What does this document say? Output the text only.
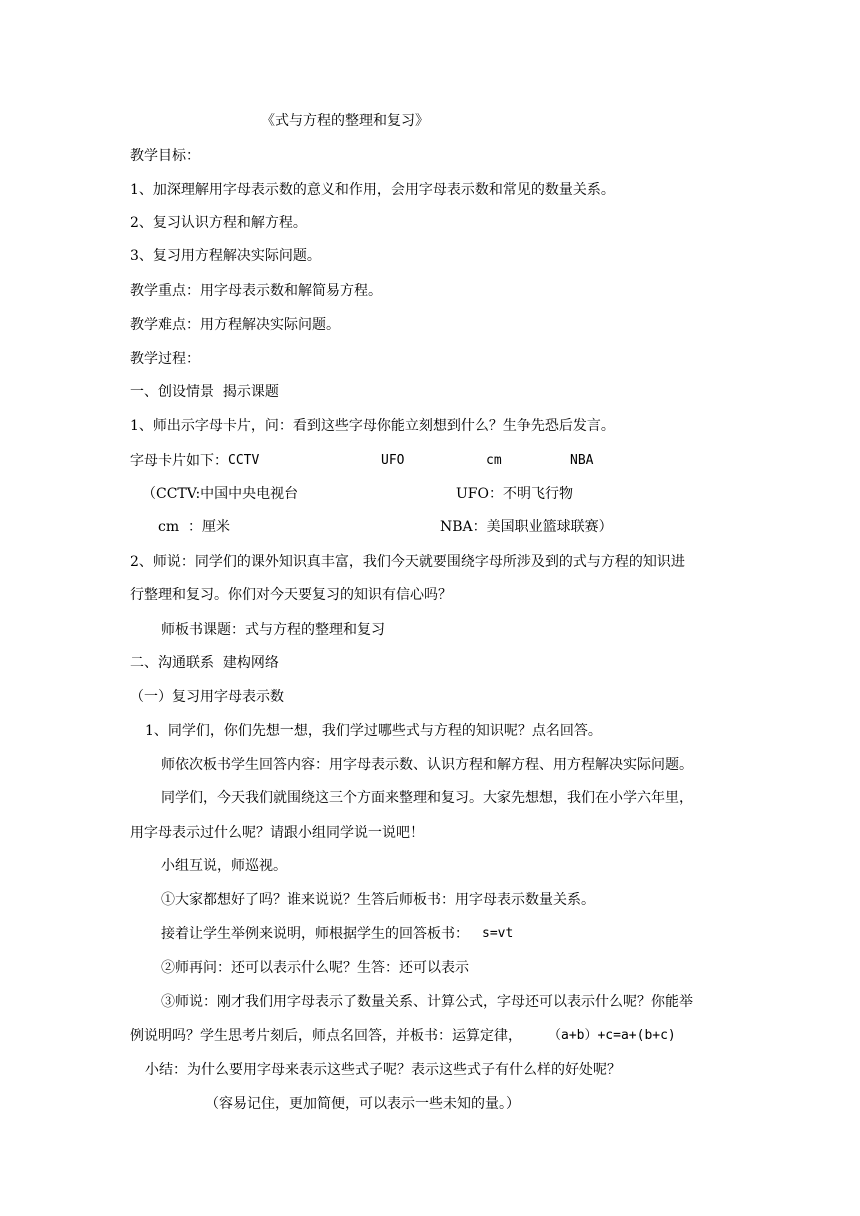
《式与方程的整理和复习》
教学目标：
1、加深理解用字母表示数的意义和作用，会用字母表示数和常见的数量关系。
2、复习认识方程和解方程。
3、复习用方程解决实际问题。
教学重点：用字母表示数和解简易方程。
教学难点：用方程解决实际问题。
教学过程：
一、创设情景  揭示课题
1、师出示字母卡片，问：看到这些字母你能立刻想到什么？生争先恐后发言。
字母卡片如下： CCTV	UFO	cm	NBA
（CCTV:中国中央电视台	UFO：不明飞行物
cm  ：厘米	NBA：美国职业篮球联赛）
2、师说：同学们的课外知识真丰富，我们今天就要围绕字母所涉及到的式与方程的知识进
行整理和复习。你们对今天要复习的知识有信心吗？
师板书课题：式与方程的整理和复习
二、沟通联系  建构网络
（一）复习用字母表示数
1、同学们，你们先想一想，我们学过哪些式与方程的知识呢？点名回答。
师依次板书学生回答内容：用字母表示数、认识方程和解方程、用方程解决实际问题。
同学们，今天我们就围绕这三个方面来整理和复习。大家先想想，我们在小学六年里，
用字母表示过什么呢？请跟小组同学说一说吧！
小组互说，师巡视。
①大家都想好了吗？谁来说说？生答后师板书：用字母表示数量关系。
接着让学生举例来说明，师根据学生的回答板书： s=vt
②师再问：还可以表示什么呢？生答：还可以表示
③师说：刚才我们用字母表示了数量关系、计算公式，字母还可以表示什么呢？你能举
例说明吗？学生思考片刻后，师点名回答，并板书：运算定律， （a+b）+c=a+(b+c)
小结：为什么要用字母来表示这些式子呢？表示这些式子有什么样的好处呢？
（容易记住，更加简便，可以表示一些未知的量。）
